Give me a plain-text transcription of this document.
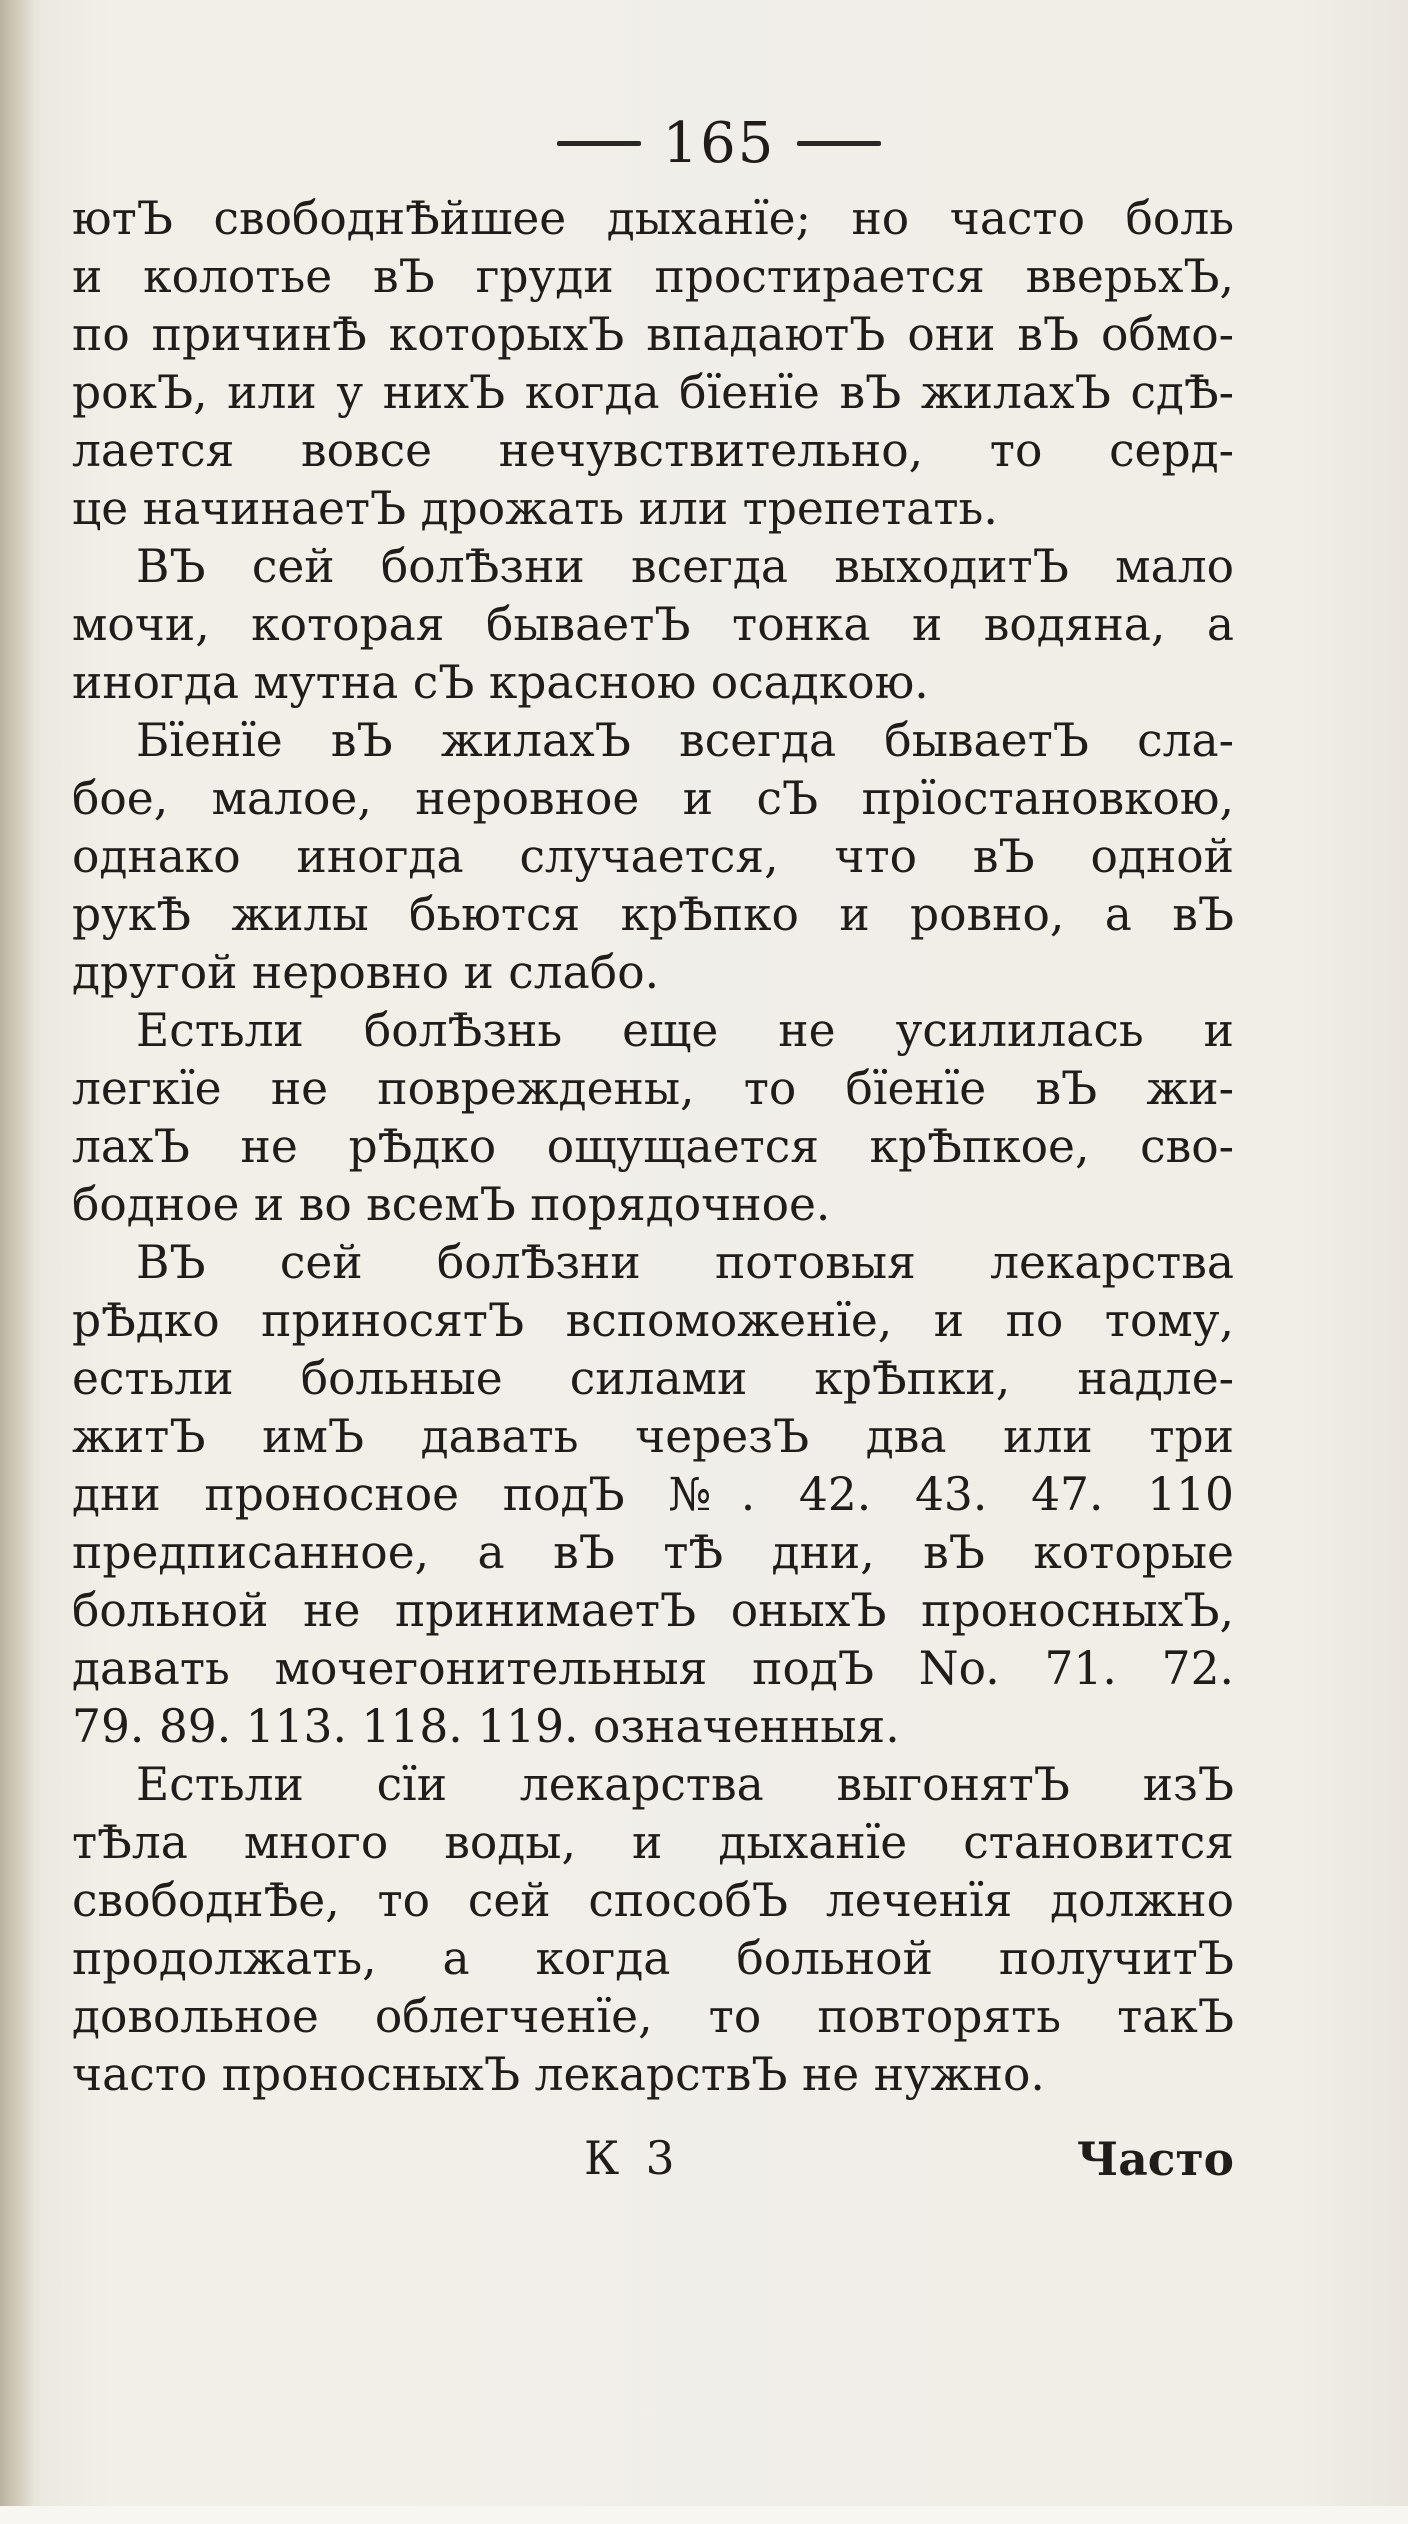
165
ютЪ свободнѢйшее дыханїе; но часто боль
и колотье вЪ груди простирается вверьхЪ,
по причинѢ которыхЪ впадаютЪ они вЪ обмо-
рокЪ, или у нихЪ когда бїенїе вЪ жилахЪ сдѢ-
лается вовсе нечувствительно, то серд-
це начинаетЪ дрожать или трепетать.
ВЪ сей болѢзни всегда выходитЪ мало
мочи, которая бываетЪ тонка и водяна, а
иногда мутна сЪ красною осадкою.
Бїенїе вЪ жилахЪ всегда бываетЪ сла-
бое, малое, неровное и сЪ прїостановкою,
однако иногда случается, что вЪ одной
рукѢ жилы бьются крѢпко и ровно, а вЪ
другой неровно и слабо.
Естьли болѢзнь еще не усилилась и
легкїе не повреждены, то бїенїе вЪ жи-
лахЪ не рѢдко ощущается крѢпкое, сво-
бодное и во всемЪ порядочное.
ВЪ сей болѢзни потовыя лекарства
рѢдко приносятЪ вспоможенїе, и по тому,
естьли больные силами крѢпки, надле-
житЪ имЪ давать черезЪ два или три
дни проносное подЪ №. 42. 43. 47. 110
предписанное, а вЪ тѢ дни, вЪ которые
больной не принимаетЪ оныхЪ проносныхЪ,
давать мочегонительныя подЪ No. 71. 72.
79. 89. 113. 118. 119. означенныя.
Естьли сїи лекарства выгонятЪ изЪ
тѢла много воды, и дыханїе становится
свободнѢе, то сей способЪ леченїя должно
продолжать, а когда больной получитЪ
довольное облегченїе, то повторять такЪ
часто проносныхЪ лекарствЪ не нужно.
К 3	Часто
